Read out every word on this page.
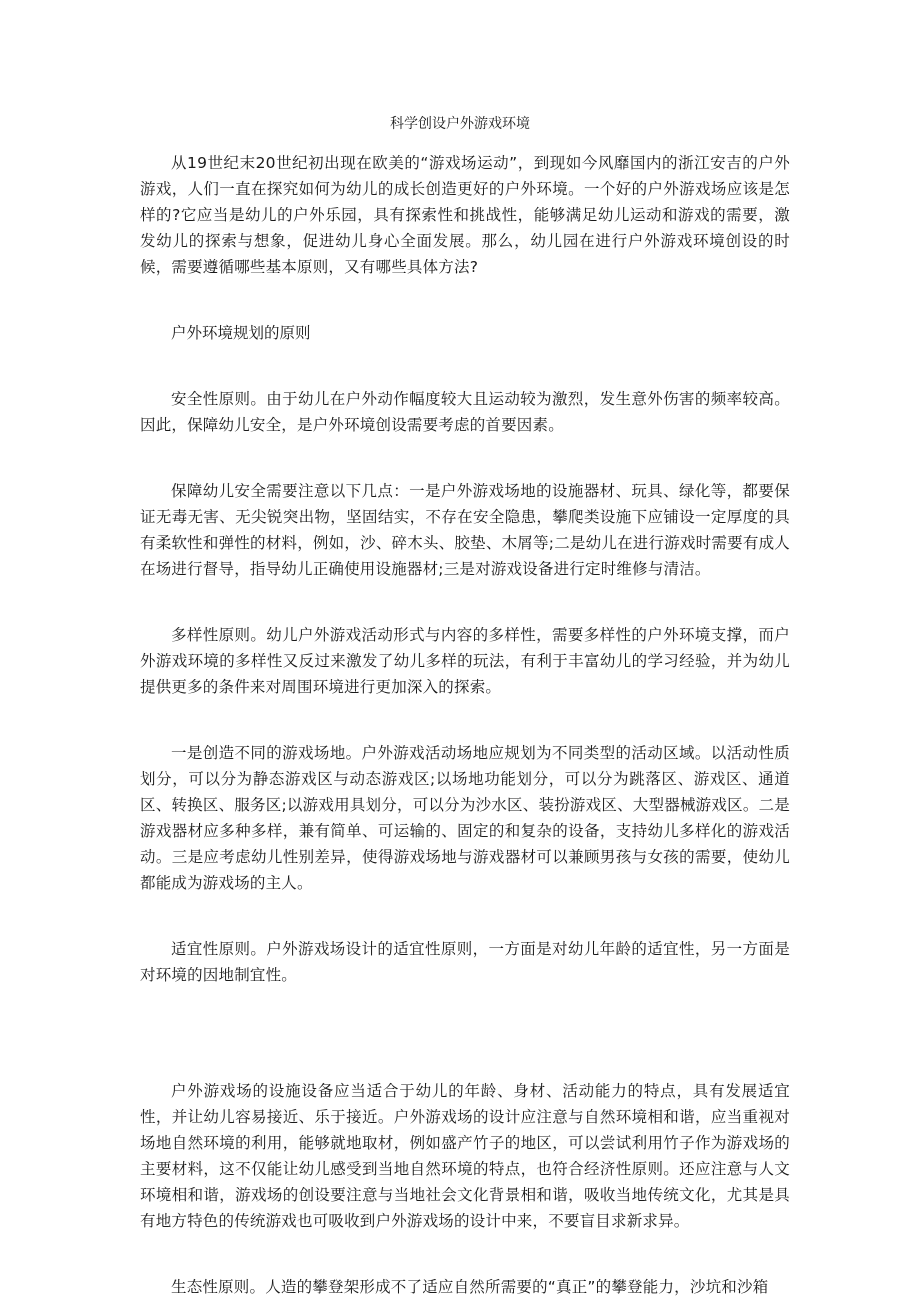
科学创设户外游戏环境

从19世纪末20世纪初出现在欧美的“游戏场运动”，到现如今风靡国内的浙江安吉的户外游戏，人们一直在探究如何为幼儿的成长创造更好的户外环境。一个好的户外游戏场应该是怎样的?它应当是幼儿的户外乐园，具有探索性和挑战性，能够满足幼儿运动和游戏的需要，激发幼儿的探索与想象，促进幼儿身心全面发展。那么，幼儿园在进行户外游戏环境创设的时候，需要遵循哪些基本原则，又有哪些具体方法?

户外环境规划的原则

安全性原则。由于幼儿在户外动作幅度较大且运动较为激烈，发生意外伤害的频率较高。因此，保障幼儿安全，是户外环境创设需要考虑的首要因素。

保障幼儿安全需要注意以下几点：一是户外游戏场地的设施器材、玩具、绿化等，都要保证无毒无害、无尖锐突出物，坚固结实，不存在安全隐患，攀爬类设施下应铺设一定厚度的具有柔软性和弹性的材料，例如，沙、碎木头、胶垫、木屑等;二是幼儿在进行游戏时需要有成人在场进行督导，指导幼儿正确使用设施器材;三是对游戏设备进行定时维修与清洁。

多样性原则。幼儿户外游戏活动形式与内容的多样性，需要多样性的户外环境支撑，而户外游戏环境的多样性又反过来激发了幼儿多样的玩法，有利于丰富幼儿的学习经验，并为幼儿提供更多的条件来对周围环境进行更加深入的探索。

一是创造不同的游戏场地。户外游戏活动场地应规划为不同类型的活动区域。以活动性质划分，可以分为静态游戏区与动态游戏区;以场地功能划分，可以分为跳落区、游戏区、通道区、转换区、服务区;以游戏用具划分，可以分为沙水区、装扮游戏区、大型器械游戏区。二是游戏器材应多种多样，兼有简单、可运输的、固定的和复杂的设备，支持幼儿多样化的游戏活动。三是应考虑幼儿性别差异，使得游戏场地与游戏器材可以兼顾男孩与女孩的需要，使幼儿都能成为游戏场的主人。

适宜性原则。户外游戏场设计的适宜性原则，一方面是对幼儿年龄的适宜性，另一方面是对环境的因地制宜性。

户外游戏场的设施设备应当适合于幼儿的年龄、身材、活动能力的特点，具有发展适宜性，并让幼儿容易接近、乐于接近。户外游戏场的设计应注意与自然环境相和谐，应当重视对场地自然环境的利用，能够就地取材，例如盛产竹子的地区，可以尝试利用竹子作为游戏场的主要材料，这不仅能让幼儿感受到当地自然环境的特点，也符合经济性原则。还应注意与人文环境相和谐，游戏场的创设要注意与当地社会文化背景相和谐，吸收当地传统文化，尤其是具有地方特色的传统游戏也可吸收到户外游戏场的设计中来，不要盲目求新求异。

生态性原则。人造的攀登架形成不了适应自然所需要的“真正”的攀登能力，沙坑和沙箱
